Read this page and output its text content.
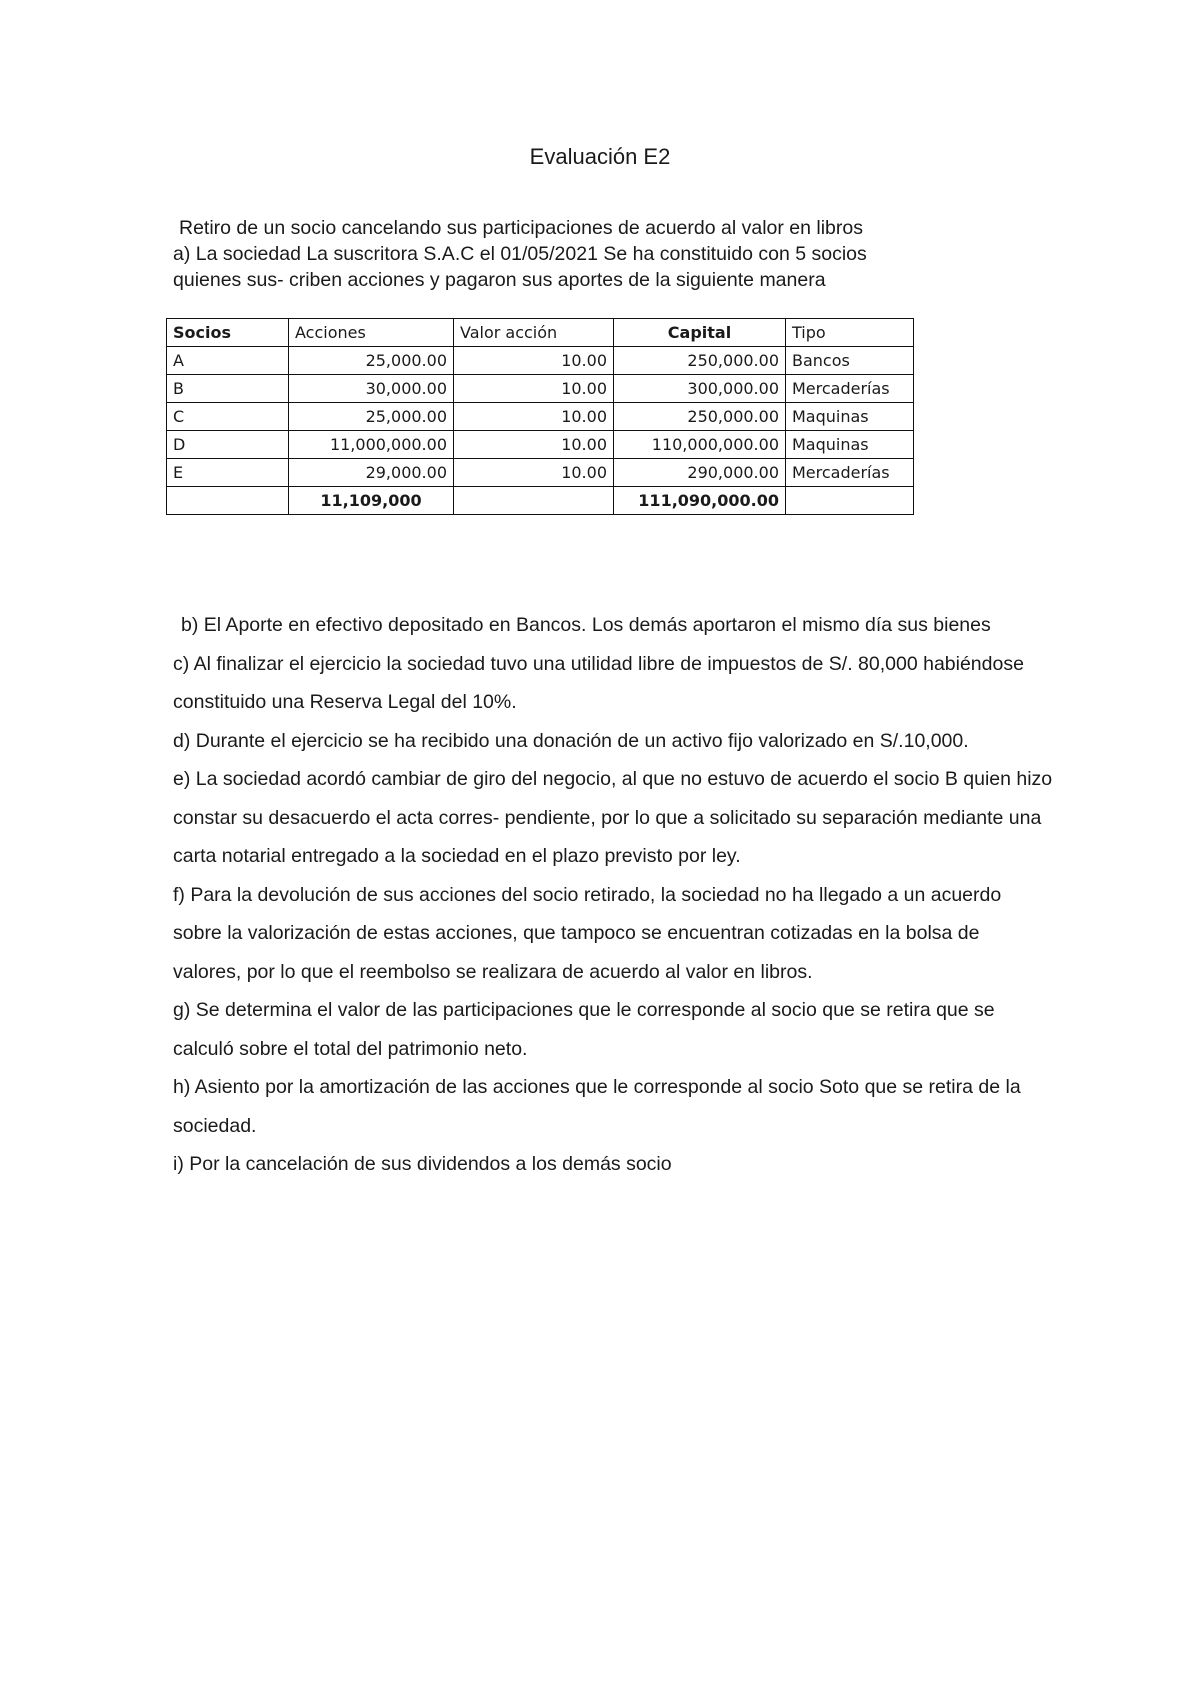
Evaluación E2
Retiro de un socio cancelando sus participaciones de acuerdo al valor en libros
a) La sociedad La suscritora S.A.C el 01/05/2021 Se ha constituido con 5 socios
quienes sus- criben acciones y pagaron sus aportes de la siguiente manera
Socios	Acciones	Valor acción	Capital	Tipo
A	25,000.00	10.00	250,000.00	Bancos
B	30,000.00	10.00	300,000.00	Mercaderías
C	25,000.00	10.00	250,000.00	Maquinas
D	11,000,000.00	10.00	110,000,000.00	Maquinas
E	29,000.00	10.00	290,000.00	Mercaderías
	11,109,000		111,090,000.00	

b) El Aporte en efectivo depositado en Bancos. Los demás aportaron el mismo día sus bienes

c) Al finalizar el ejercicio la sociedad tuvo una utilidad libre de impuestos de S/. 80,000 habiéndose constituido una Reserva Legal del 10%.

d) Durante el ejercicio se ha recibido una donación de un activo fijo valorizado en S/.10,000.

e) La sociedad acordó cambiar de giro del negocio, al que no estuvo de acuerdo el socio B quien hizo constar su desacuerdo el acta corres- pendiente, por lo que a solicitado su separación mediante una carta notarial entregado a la sociedad en el plazo previsto por ley.

f) Para la devolución de sus acciones del socio retirado, la sociedad no ha llegado a un acuerdo sobre la valorización de estas acciones, que tampoco se encuentran cotizadas en la bolsa de valores, por lo que el reembolso se realizara de acuerdo al valor en libros.

g) Se determina el valor de las participaciones que le corresponde al socio que se retira que se calculó sobre el total del patrimonio neto.

h) Asiento por la amortización de las acciones que le corresponde al socio Soto que se retira de la sociedad.

i) Por la cancelación de sus dividendos a los demás socio
